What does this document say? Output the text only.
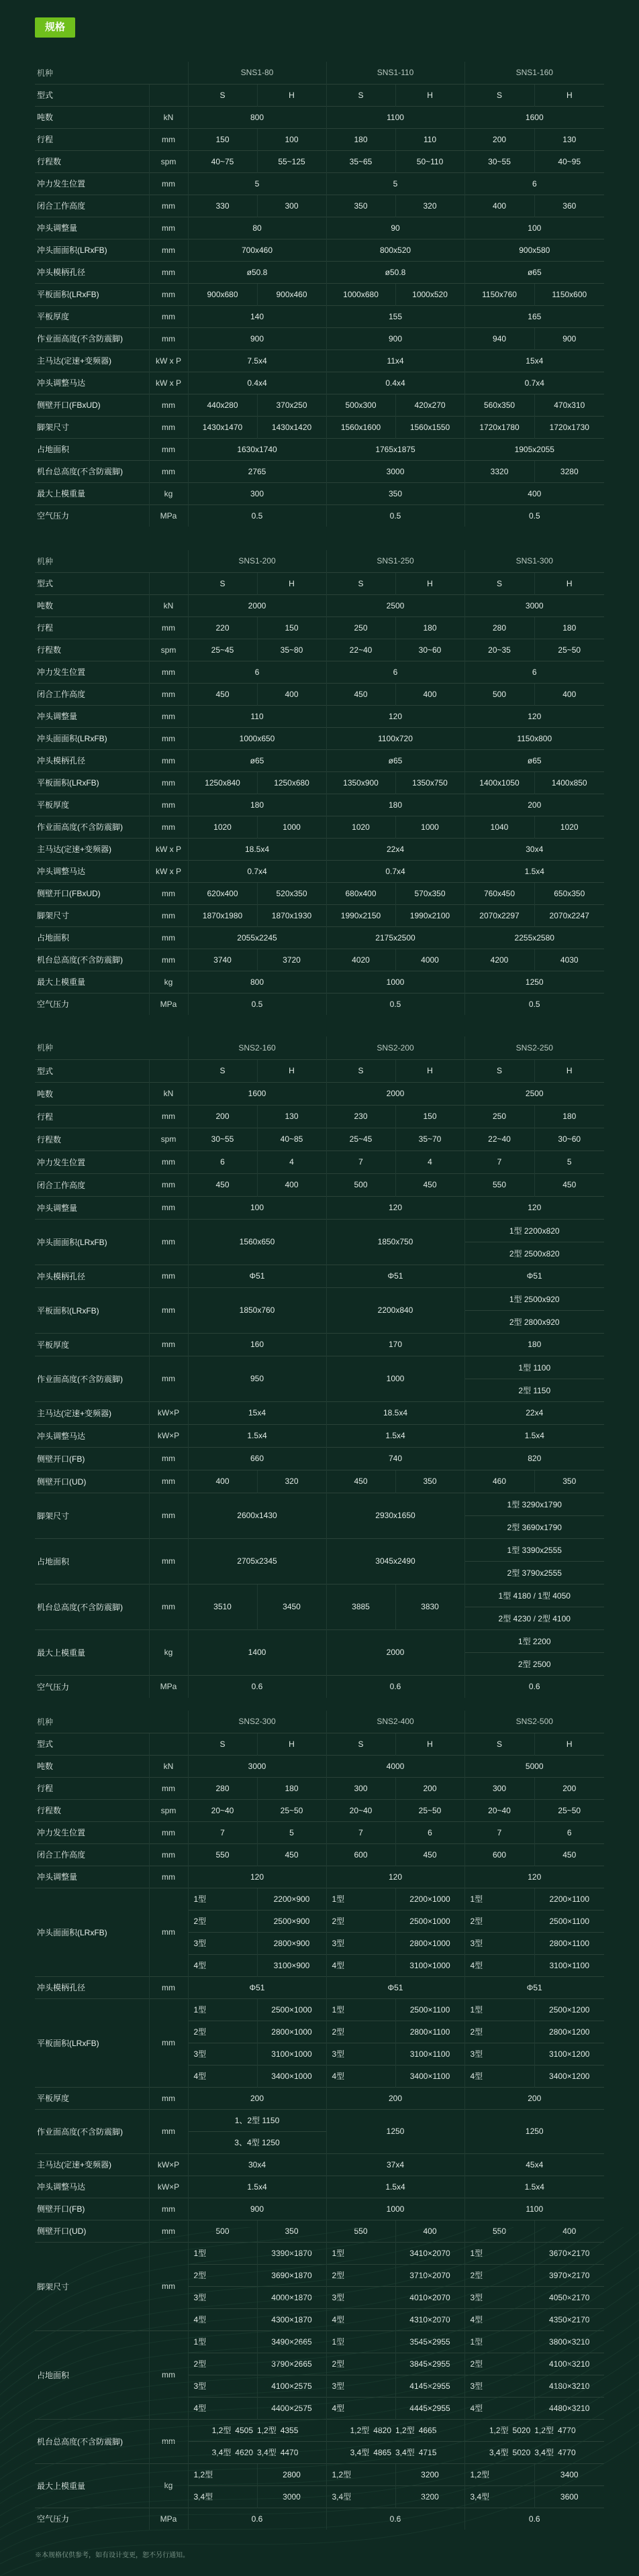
规格
机种		SNS1-80		SNS1-110		SNS1-160	
型式		S	H	S	H	S	H
吨数	kN	800		1100		1600	
行程	mm	150	100	180	110	200	130
行程数	spm	40~75	55~125	35~65	50~110	30~55	40~95
冲力发生位置	mm	5		5		6	
闭合工作高度	mm	330	300	350	320	400	360
冲头调整量	mm	80		90		100	
冲头面面积(LRxFB)	mm	700x460		800x520		900x580	
冲头模柄孔径	mm	ø50.8		ø50.8		ø65	
平板面积(LRxFB)	mm	900x680	900x460	1000x680	1000x520	1150x760	1150x600
平板厚度	mm	140		155		165	
作业面高度(不含防震脚)	mm	900		900		940	900
主马达(定速+变频器)	kW x P	7.5x4		11x4		15x4	
冲头调整马达	kW x P	0.4x4		0.4x4		0.7x4	
侧壁开口(FBxUD)	mm	440x280	370x250	500x300	420x270	560x350	470x310
脚架尺寸	mm	1430x1470	1430x1420	1560x1600	1560x1550	1720x1780	1720x1730
占地面积	mm	1630x1740		1765x1875		1905x2055	
机台总高度(不含防震脚)	mm	2765		3000		3320	3280
最大上模重量	kg	300		350		400	
空气压力	MPa	0.5		0.5		0.5	
机种		SNS1-200		SNS1-250		SNS1-300	
型式		S	H	S	H	S	H
吨数	kN	2000		2500		3000	
行程	mm	220	150	250	180	280	180
行程数	spm	25~45	35~80	22~40	30~60	20~35	25~50
冲力发生位置	mm	6		6		6	
闭合工作高度	mm	450	400	450	400	500	400
冲头调整量	mm	110		120		120	
冲头面面积(LRxFB)	mm	1000x650		1100x720		1150x800	
冲头模柄孔径	mm	ø65		ø65		ø65	
平板面积(LRxFB)	mm	1250x840	1250x680	1350x900	1350x750	1400x1050	1400x850
平板厚度	mm	180		180		200	
作业面高度(不含防震脚)	mm	1020	1000	1020	1000	1040	1020
主马达(定速+变频器)	kW x P	18.5x4		22x4		30x4	
冲头调整马达	kW x P	0.7x4		0.7x4		1.5x4	
侧壁开口(FBxUD)	mm	620x400	520x350	680x400	570x350	760x450	650x350
脚架尺寸	mm	1870x1980	1870x1930	1990x2150	1990x2100	2070x2297	2070x2247
占地面积	mm	2055x2245		2175x2500		2255x2580	
机台总高度(不含防震脚)	mm	3740	3720	4020	4000	4200	4030
最大上模重量	kg	800		1000		1250	
空气压力	MPa	0.5		0.5		0.5	
机种		SNS2-160		SNS2-200		SNS2-250	
型式		S	H	S	H	S	H
吨数	kN	1600		2000		2500	
行程	mm	200	130	230	150	250	180
行程数	spm	30~55	40~85	25~45	35~70	22~40	30~60
冲力发生位置	mm	6	4	7	4	7	5
闭合工作高度	mm	450	400	500	450	550	450
冲头调整量	mm	100		120		120	
冲头面面积(LRxFB)	mm	1560x650		1850x750		1型 2200x820	
						2型 2500x820	
冲头模柄孔径	mm	Φ51		Φ51		Φ51	
平板面积(LRxFB)	mm	1850x760		2200x840		1型 2500x920	
						2型 2800x920	
平板厚度	mm	160		170		180	
作业面高度(不含防震脚)	mm	950		1000		1型 1100	
						2型 1150	
主马达(定速+变频器)	kW×P	15x4		18.5x4		22x4	
冲头调整马达	kW×P	1.5x4		1.5x4		1.5x4	
侧壁开口(FB)	mm	660		740		820	
侧壁开口(UD)	mm	400	320	450	350	460	350
脚架尺寸	mm	2600x1430		2930x1650		1型 3290x1790	
						2型 3690x1790	
占地面积	mm	2705x2345		3045x2490		1型 3390x2555	
						2型 3790x2555	
机台总高度(不含防震脚)	mm	3510	3450	3885	3830	1型 4180 / 1型 4050	
						2型 4230 / 2型 4100	
最大上模重量	kg	1400		2000		1型 2200	
						2型 2500	
空气压力	MPa	0.6		0.6		0.6	
机种		SNS2-300		SNS2-400		SNS2-500	
型式		S	H	S	H	S	H
吨数	kN	3000		4000		5000	
行程	mm	280	180	300	200	300	200
行程数	spm	20~40	25~50	20~40	25~50	20~40	25~50
冲力发生位置	mm	7	5	7	6	7	6
闭合工作高度	mm	550	450	600	450	600	450
冲头调整量	mm	120		120		120	
冲头面面积(LRxFB)	mm	1型	2200×900	1型	2200×1000	1型	2200×1100
		2型	2500×900	2型	2500×1000	2型	2500×1100
		3型	2800×900	3型	2800×1000	3型	2800×1100
		4型	3100×900	4型	3100×1000	4型	3100×1100
冲头模柄孔径	mm	Φ51		Φ51		Φ51	
平板面积(LRxFB)	mm	1型	2500×1000	1型	2500×1100	1型	2500×1200
		2型	2800×1000	2型	2800×1100	2型	2800×1200
		3型	3100×1000	3型	3100×1100	3型	3100×1200
		4型	3400×1000	4型	3400×1100	4型	3400×1200
平板厚度	mm	200		200		200	
作业面高度(不含防震脚)	mm	1、2型 1150		1250		1250	
		3、4型 1250					
主马达(定速+变频器)	kW×P	30x4		37x4		45x4	
冲头调整马达	kW×P	1.5x4		1.5x4		1.5x4	
侧壁开口(FB)	mm	900		1000		1100	
侧壁开口(UD)	mm	500	350	550	400	550	400
脚架尺寸	mm	1型	3390×1870	1型	3410×2070	1型	3670×2170
		2型	3690×1870	2型	3710×2070	2型	3970×2170
		3型	4000×1870	3型	4010×2070	3型	4050×2170
		4型	4300×1870	4型	4310×2070	4型	4350×2170
占地面积	mm	1型	3490×2665	1型	3545×2955	1型	3800×3210
		2型	3790×2665	2型	3845×2955	2型	4100×3210
		3型	4100×2575	3型	4145×2955	3型	4180×3210
		4型	4400×2575	4型	4445×2955	4型	4480×3210
机台总高度(不含防震脚)	mm	1,2型 4505 1,2型 4355		1,2型 4820 1,2型 4665		1,2型 5020 1,2型 4770	
		3,4型 4620 3,4型 4470		3,4型 4865 3,4型 4715		3,4型 5020 3,4型 4770	
最大上模重量	kg	1,2型	2800	1,2型	3200	1,2型	3400
		3,4型	3000	3,4型	3200	3,4型	3600
空气压力	MPa	0.6		0.6		0.6	
※本规格仅供参考，如有设计变更，恕不另行通知。
